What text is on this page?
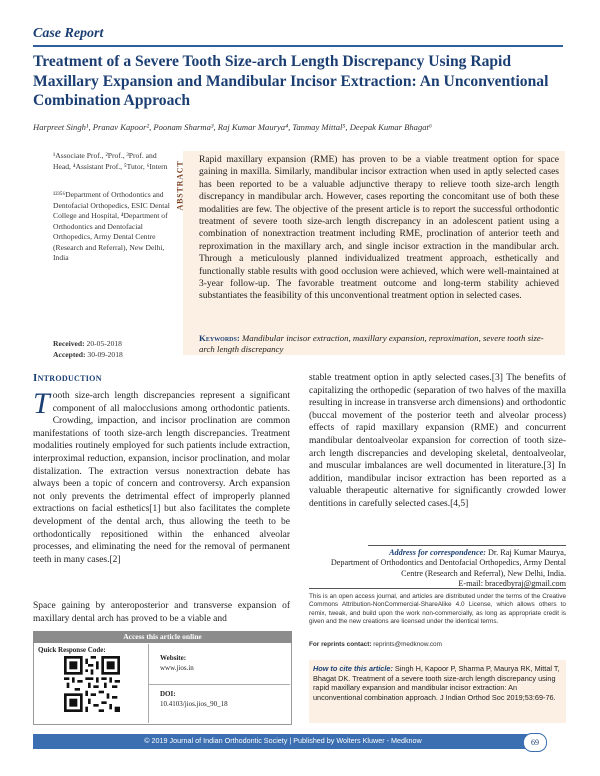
Case Report
Treatment of a Severe Tooth Size-arch Length Discrepancy Using Rapid Maxillary Expansion and Mandibular Incisor Extraction: An Unconventional Combination Approach
Harpreet Singh¹, Pranav Kapoor², Poonam Sharma³, Raj Kumar Maurya⁴, Tanmay Mittal⁵, Deepak Kumar Bhagat⁶
¹Associate Prof., ²Prof., ³Prof. and Head, ⁴Assistant Prof., ⁵Tutor, ⁶Intern
¹²³⁵⁶Department of Orthodontics and Dentofacial Orthopedics, ESIC Dental College and Hospital, ⁴Department of Orthodontics and Dentofacial Orthopedics, Army Dental Centre (Research and Referral), New Delhi, India
Received: 20-05-2018
Accepted: 30-09-2018
ABSTRACT
Rapid maxillary expansion (RME) has proven to be a viable treatment option for space gaining in maxilla. Similarly, mandibular incisor extraction when used in aptly selected cases has been reported to be a valuable adjunctive therapy to relieve tooth size-arch length discrepancy in mandibular arch. However, cases reporting the concomitant use of both these modalities are few. The objective of the present article is to report the successful orthodontic treatment of severe tooth size-arch length discrepancy in an adolescent patient using a combination of nonextraction treatment including RME, proclination of anterior teeth and reproximation in the maxillary arch, and single incisor extraction in the mandibular arch. Through a meticulously planned individualized treatment approach, esthetically and functionally stable results with good occlusion were achieved, which were well-maintained at 3-year follow-up. The favorable treatment outcome and long-term stability achieved substantiates the feasibility of this unconventional treatment option in selected cases.
Keywords: Mandibular incisor extraction, maxillary expansion, reproximation, severe tooth size-arch length discrepancy
Introduction
Tooth size-arch length discrepancies represent a significant component of all malocclusions among orthodontic patients. Crowding, impaction, and incisor proclination are common manifestations of tooth size-arch length discrepancies. Treatment modalities routinely employed for such patients include extraction, interproximal reduction, expansion, incisor proclination, and molar distalization. The extraction versus nonextraction debate has always been a topic of concern and controversy. Arch expansion not only prevents the detrimental effect of improperly planned extractions on facial esthetics[1] but also facilitates the complete development of the dental arch, thus allowing the teeth to be orthodontically repositioned within the enhanced alveolar processes, and eliminating the need for the removal of permanent teeth in many cases.[2]
Space gaining by anteroposterior and transverse expansion of maxillary dental arch has proved to be a viable and
stable treatment option in aptly selected cases.[3] The benefits of capitalizing the orthopedic (separation of two halves of the maxilla resulting in increase in transverse arch dimensions) and orthodontic (buccal movement of the posterior teeth and alveolar process) effects of rapid maxillary expansion (RME) and concurrent mandibular dentoalveolar expansion for correction of tooth size-arch length discrepancies and developing skeletal, dentoalveolar, and muscular imbalances are well documented in literature.[3] In addition, mandibular incisor extraction has been reported as a valuable therapeutic alternative for significantly crowded lower dentitions in carefully selected cases.[4,5]
Access this article online
Quick Response Code:
Website:
www.jios.in
DOI:
10.4103/jios.jios_90_18
Address for correspondence: Dr. Raj Kumar Maurya,
Department of Orthodontics and Dentofacial Orthopedics, Army Dental Centre (Research and Referral), New Delhi, India.
E-mail: bracedbyraj@gmail.com
This is an open access journal, and articles are distributed under the terms of the Creative Commons Attribution-NonCommercial-ShareAlike 4.0 License, which allows others to remix, tweak, and build upon the work non-commercially, as long as appropriate credit is given and the new creations are licensed under the identical terms.
For reprints contact: reprints@medknow.com
How to cite this article: Singh H, Kapoor P, Sharma P, Maurya RK, Mittal T, Bhagat DK. Treatment of a severe tooth size-arch length discrepancy using rapid maxillary expansion and mandibular incisor extraction: An unconventional combination approach. J Indian Orthod Soc 2019;53:69-76.
© 2019 Journal of Indian Orthodontic Society | Published by Wolters Kluwer - Medknow	69
